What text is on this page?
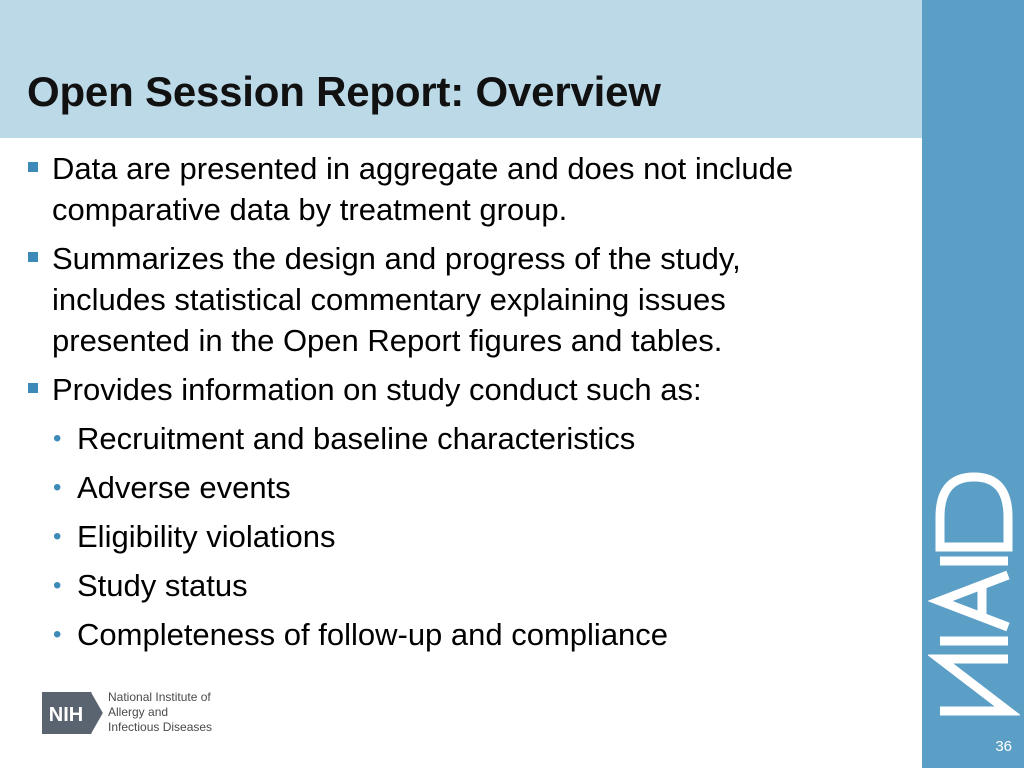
Open Session Report: Overview
36
Data are presented in aggregate and does not include
comparative data by treatment group.
Summarizes the design and progress of the study,
includes statistical commentary explaining issues
presented in the Open Report figures and tables.
Provides information on study conduct such as:
• Recruitment and baseline characteristics
• Adverse events
• Eligibility violations
• Study status
• Completeness of follow-up and compliance
NIH
National Institute of
Allergy and
Infectious Diseases
